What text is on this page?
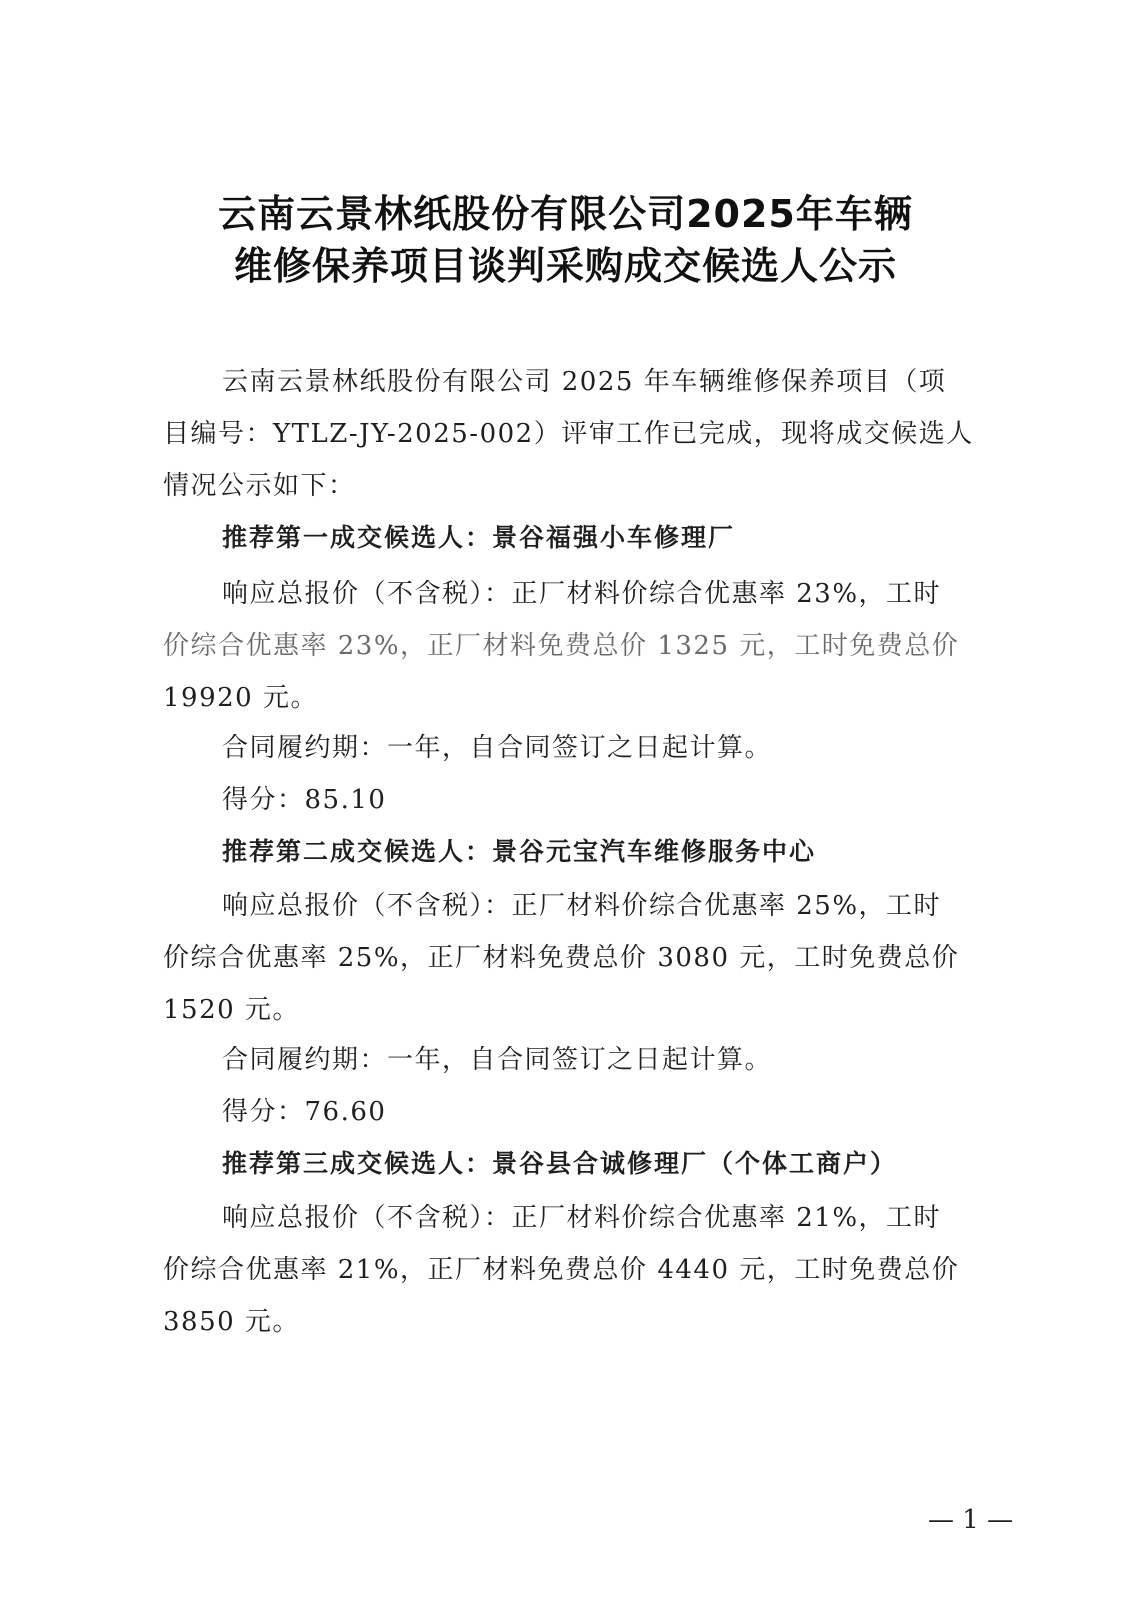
云南云景林纸股份有限公司2025年车辆
维修保养项目谈判采购成交候选人公示
云南云景林纸股份有限公司 2025 年车辆维修保养项目（项
目编号：YTLZ-JY-2025-002）评审工作已完成，现将成交候选人
情况公示如下：
推荐第一成交候选人：景谷福强小车修理厂
响应总报价（不含税）：正厂材料价综合优惠率 23%，工时
价综合优惠率 23%，正厂材料免费总价 1325 元，工时免费总价
19920 元。
合同履约期：一年，自合同签订之日起计算。
得分：85.10
推荐第二成交候选人：景谷元宝汽车维修服务中心
响应总报价（不含税）：正厂材料价综合优惠率 25%，工时
价综合优惠率 25%，正厂材料免费总价 3080 元，工时免费总价
1520 元。
合同履约期：一年，自合同签订之日起计算。
得分：76.60
推荐第三成交候选人：景谷县合诚修理厂（个体工商户）
响应总报价（不含税）：正厂材料价综合优惠率 21%，工时
价综合优惠率 21%，正厂材料免费总价 4440 元，工时免费总价
3850 元。
— 1 —
